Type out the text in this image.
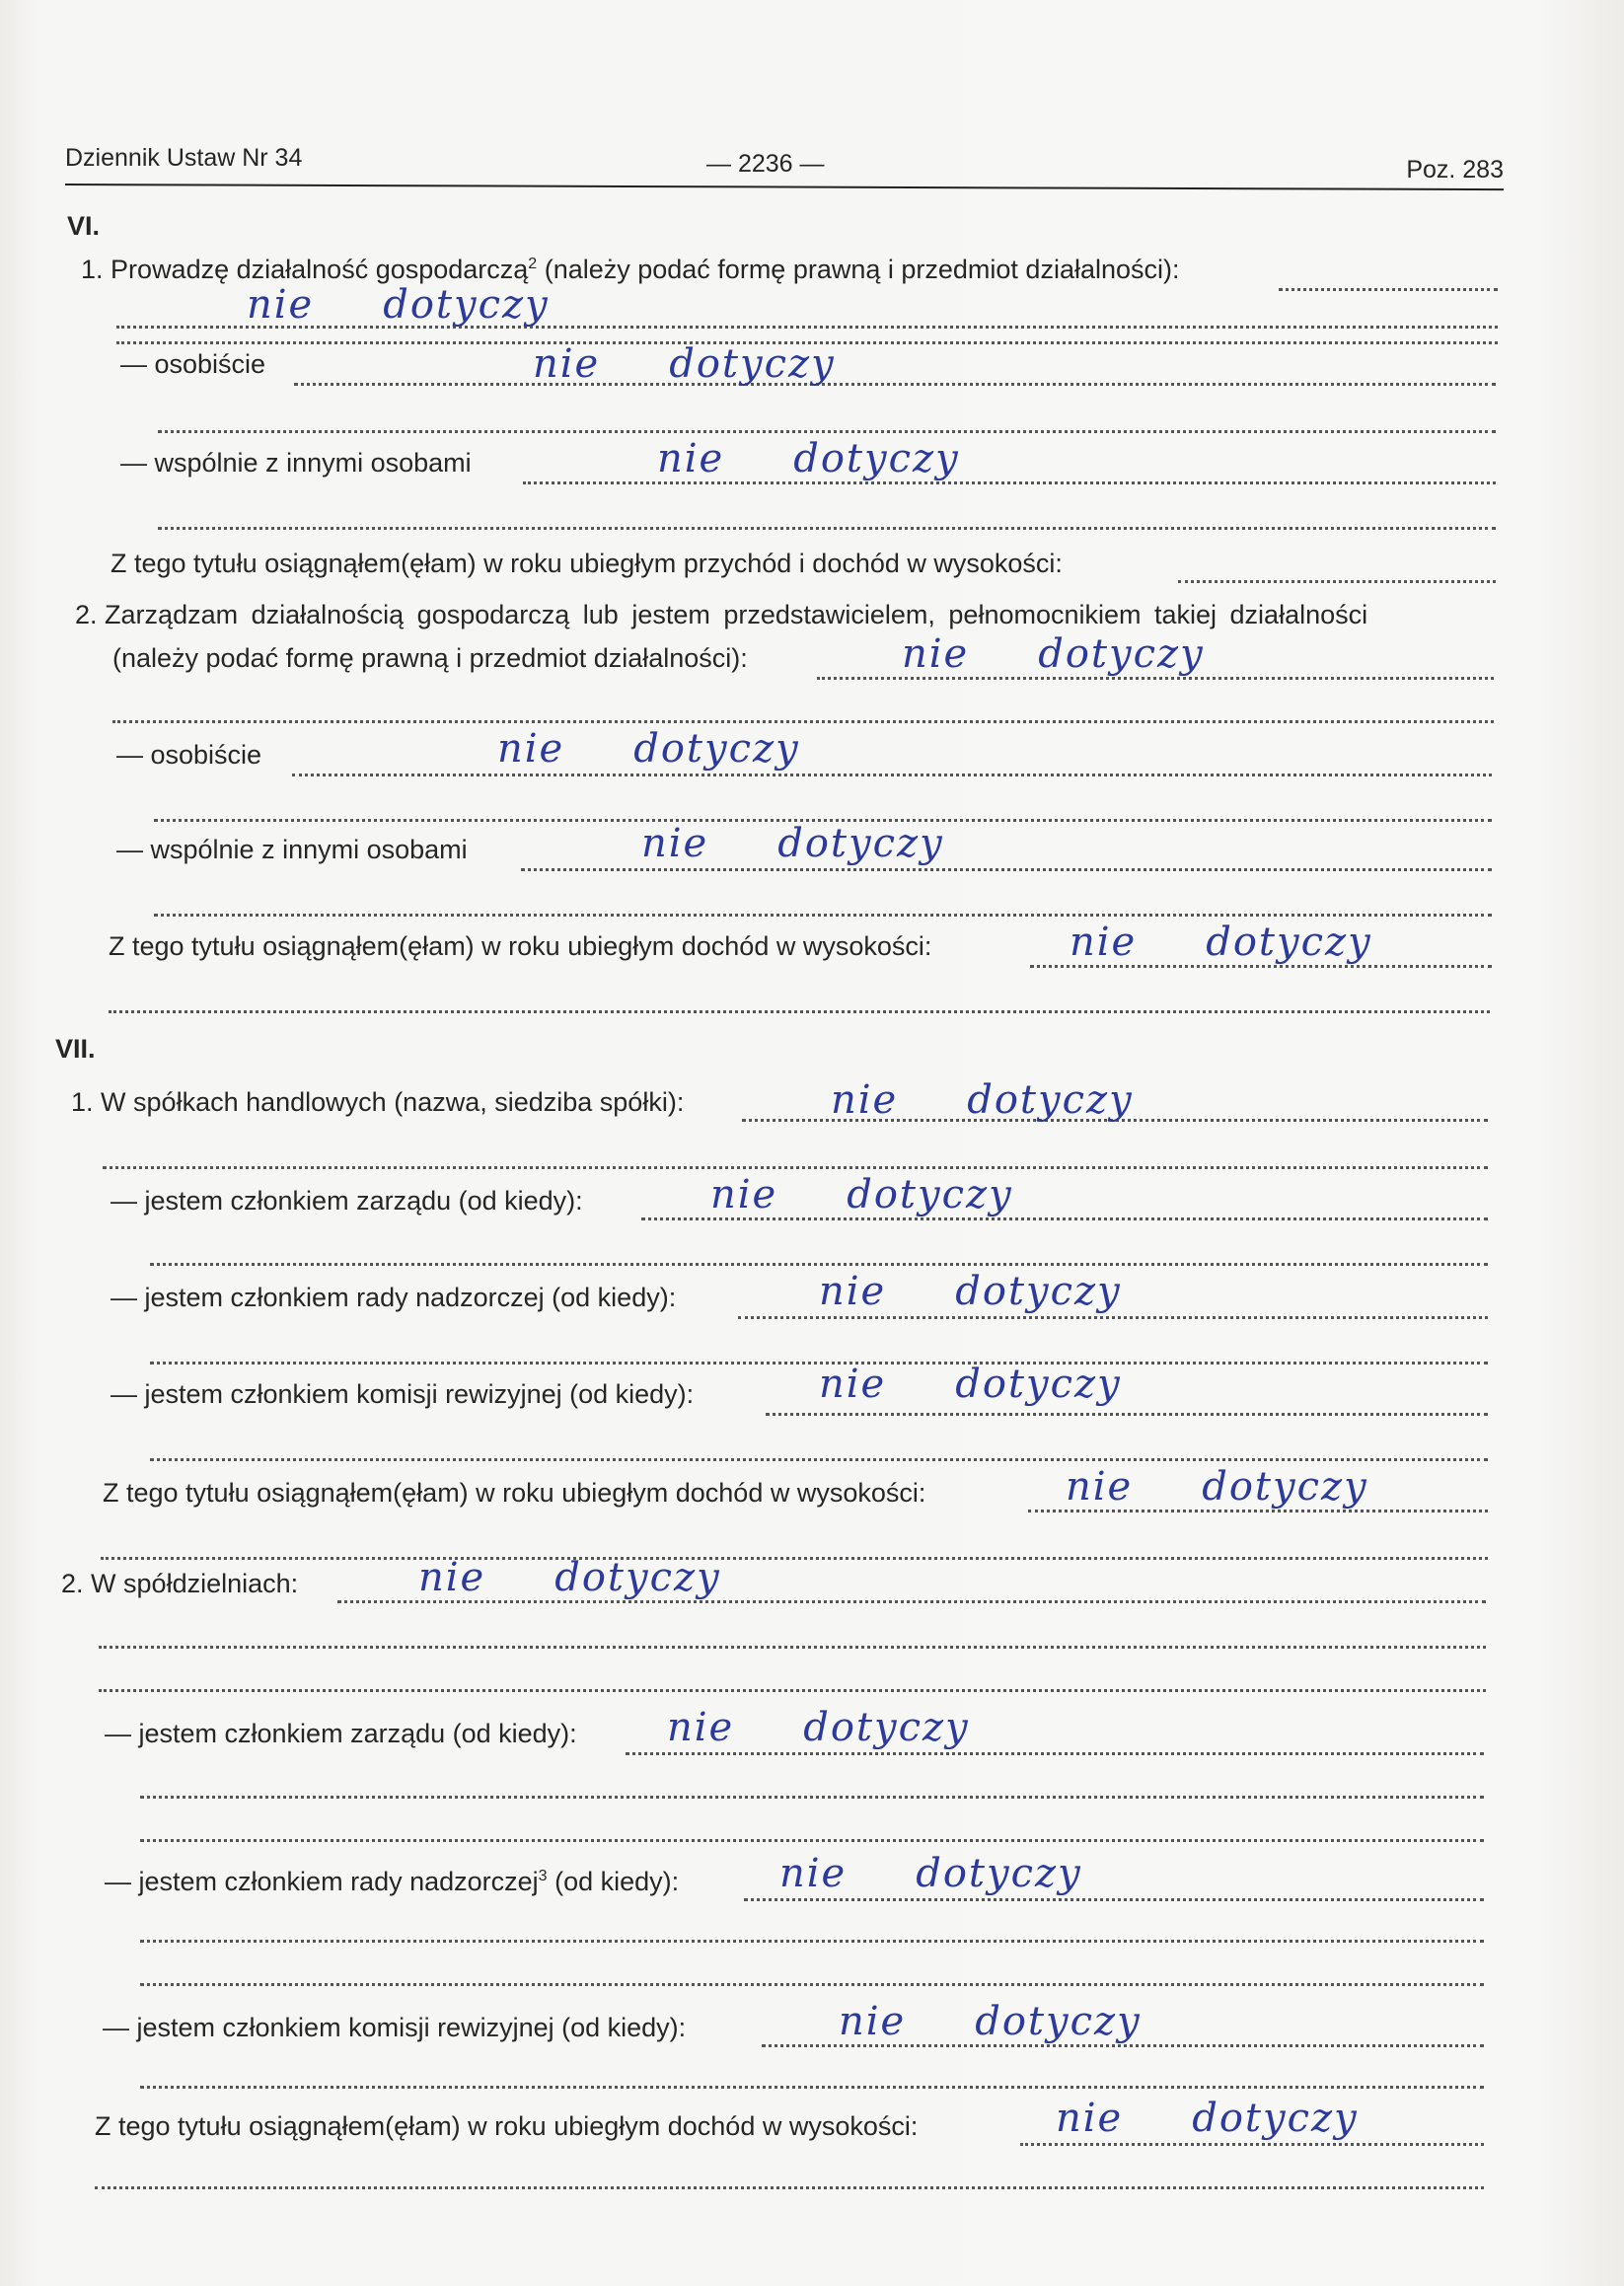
Dziennik Ustaw Nr 34	— 2236 —	Poz. 283
VI.
1. Prowadzę działalność gospodarczą$^2$ (należy podać formę prawną i przedmiot działalności):
nie dotyczy
— osobiście	nie dotyczy
— wspólnie z innymi osobami	nie dotyczy
Z tego tytułu osiągnąłem(ęłam) w roku ubiegłym przychód i dochód w wysokości:
2. Zarządzam działalnością gospodarczą lub jestem przedstawicielem, pełnomocnikiem takiej działalności
(należy podać formę prawną i przedmiot działalności):	nie dotyczy
— osobiście	nie dotyczy
— wspólnie z innymi osobami	nie dotyczy
Z tego tytułu osiągnąłem(ęłam) w roku ubiegłym dochód w wysokości:	nie dotyczy
VII.
1. W spółkach handlowych (nazwa, siedziba spółki):	nie dotyczy
— jestem członkiem zarządu (od kiedy):	nie dotyczy
— jestem członkiem rady nadzorczej (od kiedy):	nie dotyczy
— jestem członkiem komisji rewizyjnej (od kiedy):	nie dotyczy
Z tego tytułu osiągnąłem(ęłam) w roku ubiegłym dochód w wysokości:	nie dotyczy
2. W spółdzielniach:	nie dotyczy
— jestem członkiem zarządu (od kiedy): nie dotyczy
— jestem członkiem rady nadzorczej$^3$ (od kiedy):	nie dotyczy
— jestem członkiem komisji rewizyjnej (od kiedy):	nie dotyczy
Z tego tytułu osiągnąłem(ęłam) w roku ubiegłym dochód w wysokości:	nie dotyczy
